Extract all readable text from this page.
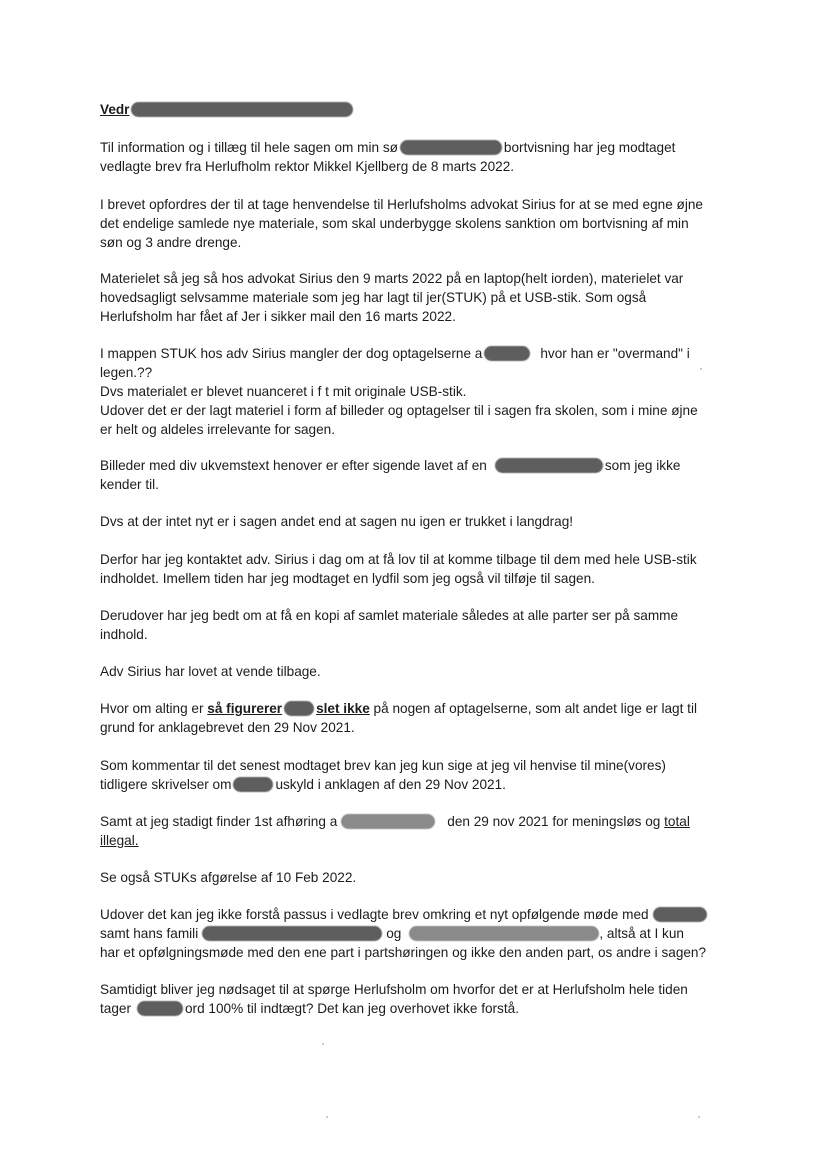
Vedr
Til information og i tillæg til hele sagen om min sø	bortvisning har jeg modtaget
vedlagte brev fra Herlufholm rektor Mikkel Kjellberg de 8 marts 2022.
I brevet opfordres der til at tage henvendelse til Herlufsholms advokat Sirius for at se med egne øjne
det endelige samlede nye materiale, som skal underbygge skolens sanktion om bortvisning af min
søn og 3 andre drenge.
Materielet så jeg så hos advokat Sirius den 9 marts 2022 på en laptop(helt iorden), materielet var
hovedsagligt selvsamme materiale som jeg har lagt til jer(STUK) på et USB-stik. Som også
Herlufsholm har fået af Jer i sikker mail den 16 marts 2022.
I mappen STUK hos adv Sirius mangler der dog optagelserne a	hvor han er "overmand" i
legen.??
Dvs materialet er blevet nuanceret i f t mit originale USB-stik.
Udover det er der lagt materiel i form af billeder og optagelser til i sagen fra skolen, som i mine øjne
er helt og aldeles irrelevante for sagen.
Billeder med div ukvemstext henover er efter sigende lavet af en	som jeg ikke
kender til.
Dvs at der intet nyt er i sagen andet end at sagen nu igen er trukket i langdrag!
Derfor har jeg kontaktet adv. Sirius i dag om at få lov til at komme tilbage til dem med hele USB-stik
indholdet. Imellem tiden har jeg modtaget en lydfil som jeg også vil tilføje til sagen.
Derudover har jeg bedt om at få en kopi af samlet materiale således at alle parter ser på samme
indhold.
Adv Sirius har lovet at vende tilbage.
Hvor om alting er så figurerer	slet ikke på nogen af optagelserne, som alt andet lige er lagt til
grund for anklagebrevet den 29 Nov 2021.
Som kommentar til det senest modtaget brev kan jeg kun sige at jeg vil henvise til mine(vores)
tidligere skrivelser om	uskyld i anklagen af den 29 Nov 2021.
Samt at jeg stadigt finder 1st afhøring a	den 29 nov 2021 for meningsløs og total
illegal.
Se også STUKs afgørelse af 10 Feb 2022.
Udover det kan jeg ikke forstå passus i vedlagte brev omkring et nyt opfølgende møde med
samt hans famili	og	, altså at I kun
har et opfølgningsmøde med den ene part i partshøringen og ikke den anden part, os andre i sagen?
Samtidigt bliver jeg nødsaget til at spørge Herlufsholm om hvorfor det er at Herlufsholm hele tiden
tager	ord 100% til indtægt? Det kan jeg overhovet ikke forstå.
